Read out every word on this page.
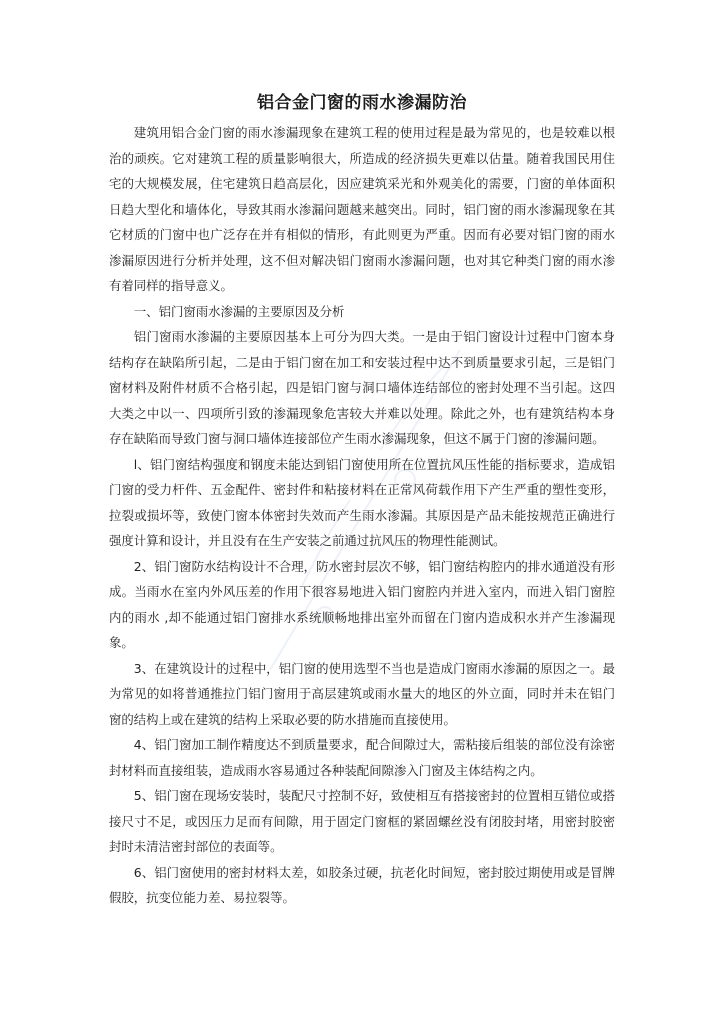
铝合金门窗的雨水渗漏防治

建筑用铝合金门窗的雨水渗漏现象在建筑工程的使用过程是最为常见的，也是较难以根治的顽疾。它对建筑工程的质量影响很大，所造成的经济损失更难以估量。随着我国民用住宅的大规模发展，住宅建筑日趋高层化，因应建筑采光和外观美化的需要，门窗的单体面积日趋大型化和墙体化，导致其雨水渗漏问题越来越突出。同时，铝门窗的雨水渗漏现象在其它材质的门窗中也广泛存在并有相似的情形，有此则更为严重。因而有必要对铝门窗的雨水渗漏原因进行分析并处理，这不但对解决铝门窗雨水渗漏问题，也对其它种类门窗的雨水渗有着同样的指导意义。

一、铝门窗雨水渗漏的主要原因及分析

铝门窗雨水渗漏的主要原因基本上可分为四大类。一是由于铝门窗设计过程中门窗本身结构存在缺陷所引起，二是由于铝门窗在加工和安装过程中达不到质量要求引起，三是铝门窗材料及附件材质不合格引起，四是铝门窗与洞口墙体连结部位的密封处理不当引起。这四大类之中以一、四项所引致的渗漏现象危害较大并难以处理。除此之外，也有建筑结构本身存在缺陷而导致门窗与洞口墙体连接部位产生雨水渗漏现象，但这不属于门窗的渗漏问题。

l、铝门窗结构强度和钢度未能达到铝门窗使用所在位置抗风压性能的指标要求，造成铝门窗的受力杆件、五金配件、密封件和粘接材料在正常风荷载作用下产生严重的塑性变形，拉裂或损坏等，致使门窗本体密封失效而产生雨水渗漏。其原因是产品未能按规范正确进行强度计算和设计，并且没有在生产安装之前通过抗风压的物理性能测试。

2、铝门窗防水结构设计不合理，防水密封层次不够，铝门窗结构腔内的排水通道没有形成。当雨水在室内外风压差的作用下很容易地进入铝门窗腔内并进入室内，而进入铝门窗腔内的雨水 ,却不能通过铝门窗排水系统顺畅地排出室外而留在门窗内造成积水并产生渗漏现象。

3、在建筑设计的过程中，铝门窗的使用选型不当也是造成门窗雨水渗漏的原因之一。最为常见的如将普通推拉门铝门窗用于高层建筑或雨水量大的地区的外立面，同时并未在铝门窗的结构上或在建筑的结构上采取必要的防水措施而直接使用。

4、铝门窗加工制作精度达不到质量要求，配合间隙过大，需粘接后组装的部位没有涂密封材料而直接组装，造成雨水容易通过各种装配间隙渗入门窗及主体结构之内。

5、铝门窗在现场安装时，装配尺寸控制不好，致使相互有搭接密封的位置相互错位或搭接尺寸不足，或因压力足而有间隙，用于固定门窗框的紧固螺丝没有闭胶封堵，用密封胶密封时未清洁密封部位的表面等。

6、铝门窗使用的密封材料太差，如胶条过硬，抗老化时间短，密封胶过期使用或是冒牌假胶，抗变位能力差、易拉裂等。
